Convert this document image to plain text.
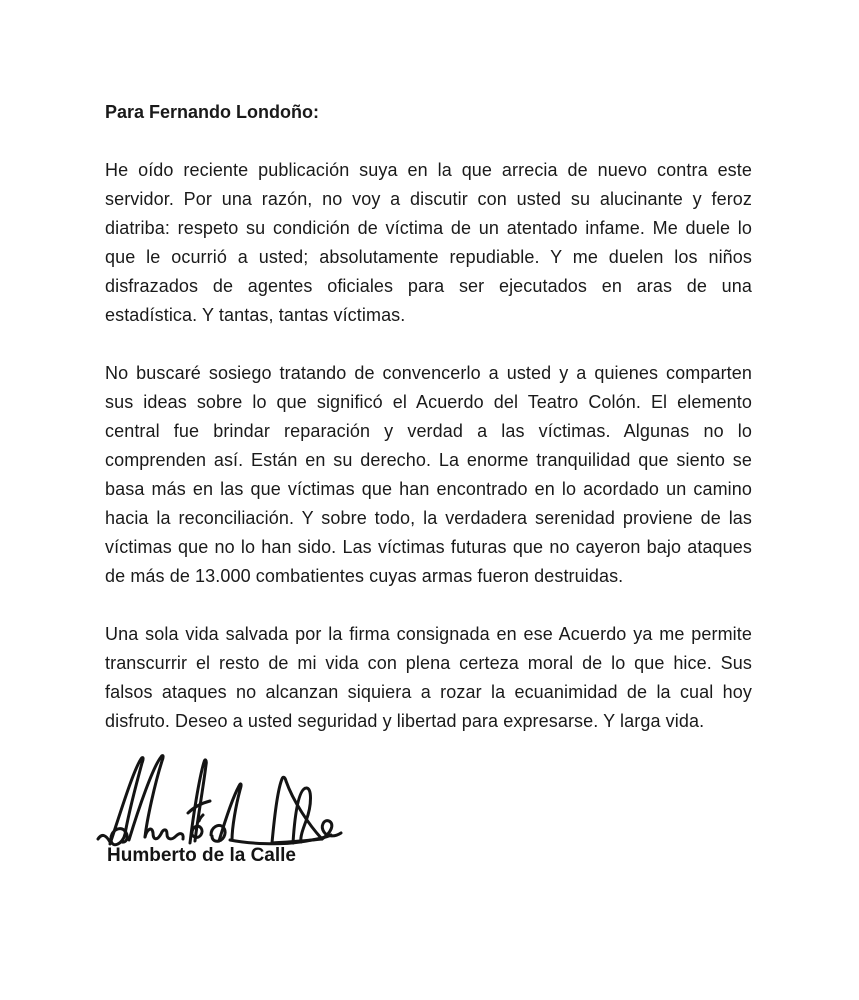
Para Fernando Londoño:

He oído reciente publicación suya en la que arrecia de nuevo contra este servidor. Por una razón, no voy a discutir con usted su alucinante y feroz diatriba: respeto su condición de víctima de un atentado infame. Me duele lo que le ocurrió a usted; absolutamente repudiable. Y me duelen los niños disfrazados de agentes oficiales para ser ejecutados en aras de una estadística. Y tantas, tantas víctimas.

No buscaré sosiego tratando de convencerlo a usted y a quienes comparten sus ideas sobre lo que significó el Acuerdo del Teatro Colón. El elemento central fue brindar reparación y verdad a las víctimas. Algunas no lo comprenden así. Están en su derecho. La enorme tranquilidad que siento se basa más en las que víctimas que han encontrado en lo acordado un camino hacia la reconciliación. Y sobre todo, la verdadera serenidad proviene de las víctimas que no lo han sido. Las víctimas futuras que no cayeron bajo ataques de más de 13.000 combatientes cuyas armas fueron destruidas.

Una sola vida salvada por la firma consignada en ese Acuerdo ya me permite transcurrir el resto de mi vida con plena certeza moral de lo que hice. Sus falsos ataques no alcanzan siquiera a rozar la ecuanimidad de la cual hoy disfruto. Deseo a usted seguridad y libertad para expresarse. Y larga vida.

Humberto de la Calle
